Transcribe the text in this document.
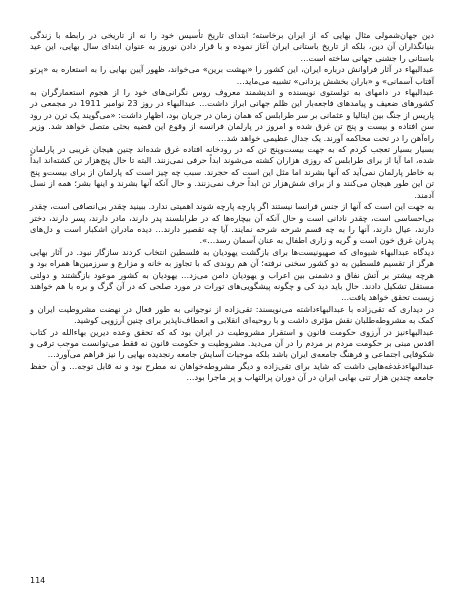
دین جهان‌شمولی مثال بهایی که از ایران برخاسته؛ ابتدای تاریخ تأسیس خود را نه از تاریخی در رابطه با زندگی بنیانگذاران آن دین، بلکه از تاریخ باستانی ایران آغاز نموده و با قرار دادن نوروز به عنوان ابتدای سال بهایی، این عید باستانی را جشنی جهانی ساخته است…

عبدالبهاء در آثار فراوانش درباره ایران، این کشور را «بهشت برین» می‌خواند، ظهور آیین بهایی را به استعاره به «پرتو آفتاب آسمانی» و «باران بخشش یزدانی» تشبیه می‌ماید…

عبدالبهاء در دامهای به تولستوی نویسنده و اندیشمند معروف روس نگرانی‌های خود را از هجوم استعمارگران به کشورهای ضعیف و پیامدهای فاجعه‌بار این ظلم جهانی ابراز داشت… عبدالبهاء در روز 23 نوامبر 1911 در مجمعی در پاریس از جنگ بین ایتالیا و عثمانی بر سر طرابلس که همان زمان در جریان بود، اظهار داشت: «می‌گویند یک ترن در رود سن افتاده و بیست و پنج تن غرق شده و امروز در پارلمان فرانسه از وقوع این قضیه بحثی متصل خواهد شد. وزیر راه‌آهن را در تحت محاکمه آورند. یک جدال عظیمی خواهد شد…

بسیار بسیار تعجب کردم که به جهت بیست‌وپنج تن که در رودخانه افتاده غرق شده‌اند چنین هیجان غریبی در پارلمان شده، اما آیا از برای طرابلس که روزی هزاران کشته می‌شوند ابداً حرفی نمی‌زنند. البته تا حال پنج‌هزار تن کشته‌اند ابداً به خاطر پارلمان نمی‌آید که آنها بشرند اما مثل این است که حجرند. سبب چه چیز است که پارلمان از برای بیست‌و پنج تن این طور هیجان می‌کنند و از برای شش‌هزار تن ابداً حرف نمی‌زنند. و حال آنکه آنها بشرند و اینها بشر؛ همه از نسل آدمند.

به جهت این است که آنها از جنس فرانسا نیستند اگر پارچه پارچه شوند اهمیتی ندارد. ببینید چقدر بی‌انصافی است، چقدر بی‌احساسی است، چقدر نادانی است و حال آنکه آن بیچاره‌ها که در طرابلسند پدر دارند، مادر دارند، پسر دارند، دختر دارند، عیال دارند، آنها را به چه قسم شرحه شرحه نمایند. آیا چه تقصیر دارند… دیده مادران اشکبار است و دل‌های پدران غرق خون است و گریه و زاری اطفال به عنان آسمان رسد…».

دیدگاه عبدالبهاء شیوه‌ای که صهیونیست‌ها برای بازگشت یهودیان به فلسطین انتخاب کردند سازگار نبود. در آثار بهایی هرگز از تقسیم فلسطین به دو کشور سخنی نرفته؛ آن هم روندی که با تجاوز به خانه و مزارع و سرزمین‌ها همراه بود و هرچه بیشتر بر آتش نفاق و دشمنی بین اعراب و یهودیان دامن می‌زد… یهودیان به کشور موعود بازگشتند و دولتی مستقل تشکیل دادند. حال باید دید کی و چگونه پیشگویی‌های تورات در مورد صلحی که در آن گرگ و بره با هم خواهند زیست تحقق خواهد یافت…

در دیداری که تقی‌زاده با عبدالبهاءداشته می‌نویسند: تقی‌زاده از نوجوانی به طور فعال در نهضت مشروطیت ایران و کمک به مشروطه‌طلبان نقش مؤثری داشت و با روحیه‌ای انقلابی و انعطاف‌ناپذیر برای چنین آرزویی کوشید.

عبدالبهاءنیز در آرزوی حکومت قانون و استقرار مشروطیت در ایران بود که که تحقق وعده دیرین بهاءالله در کتاب اقدس مبنی بر حکومت مردم بر مردم را در آن می‌دید. مشروطیت و حکومت قانون نه فقط می‌توانست موجب ترقی و شکوفایی اجتماعی و فرهنگ جامعه‌ی ایران باشد بلکه موجبات آسایش جامعه رنجدیده بهایی را نیز فراهم می‌آورد…

عبدالبهاءدغدغه‌هایی داشت که شاید برای تقی‌زاده و دیگر مشروطه‌خواهان نه مطرح بود و نه قابل توجه… و آن حفظ جامعه چندین هزار تنی بهایی ایران در آن دوران پرالتهاب و پر ماجرا بود…

114
